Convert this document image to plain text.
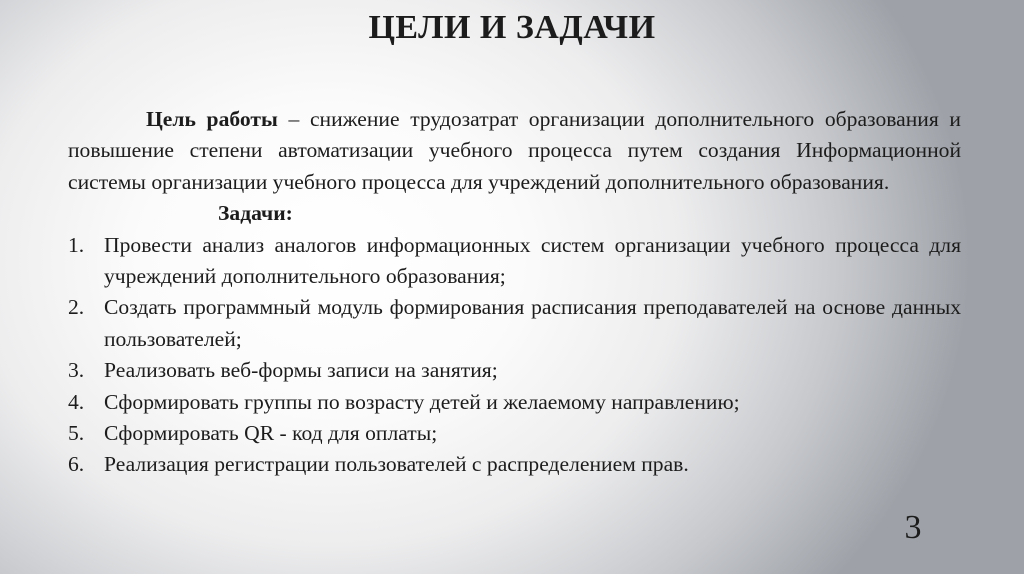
ЦЕЛИ И ЗАДАЧИ

Цель работы – снижение трудозатрат организации дополнительного образования и повышение степени автоматизации учебного процесса путем создания Информационной системы организации учебного процесса для учреждений дополнительного образования.

Задачи:

1. Провести анализ аналогов информационных систем организации учебного процесса для учреждений дополнительного образования;
2. Создать программный модуль формирования расписания преподавателей на основе данных пользователей;
3. Реализовать веб-формы записи на занятия;
4. Сформировать группы по возрасту детей и желаемому направлению;
5. Сформировать QR - код для оплаты;
6. Реализация регистрации пользователей с распределением прав.
3
